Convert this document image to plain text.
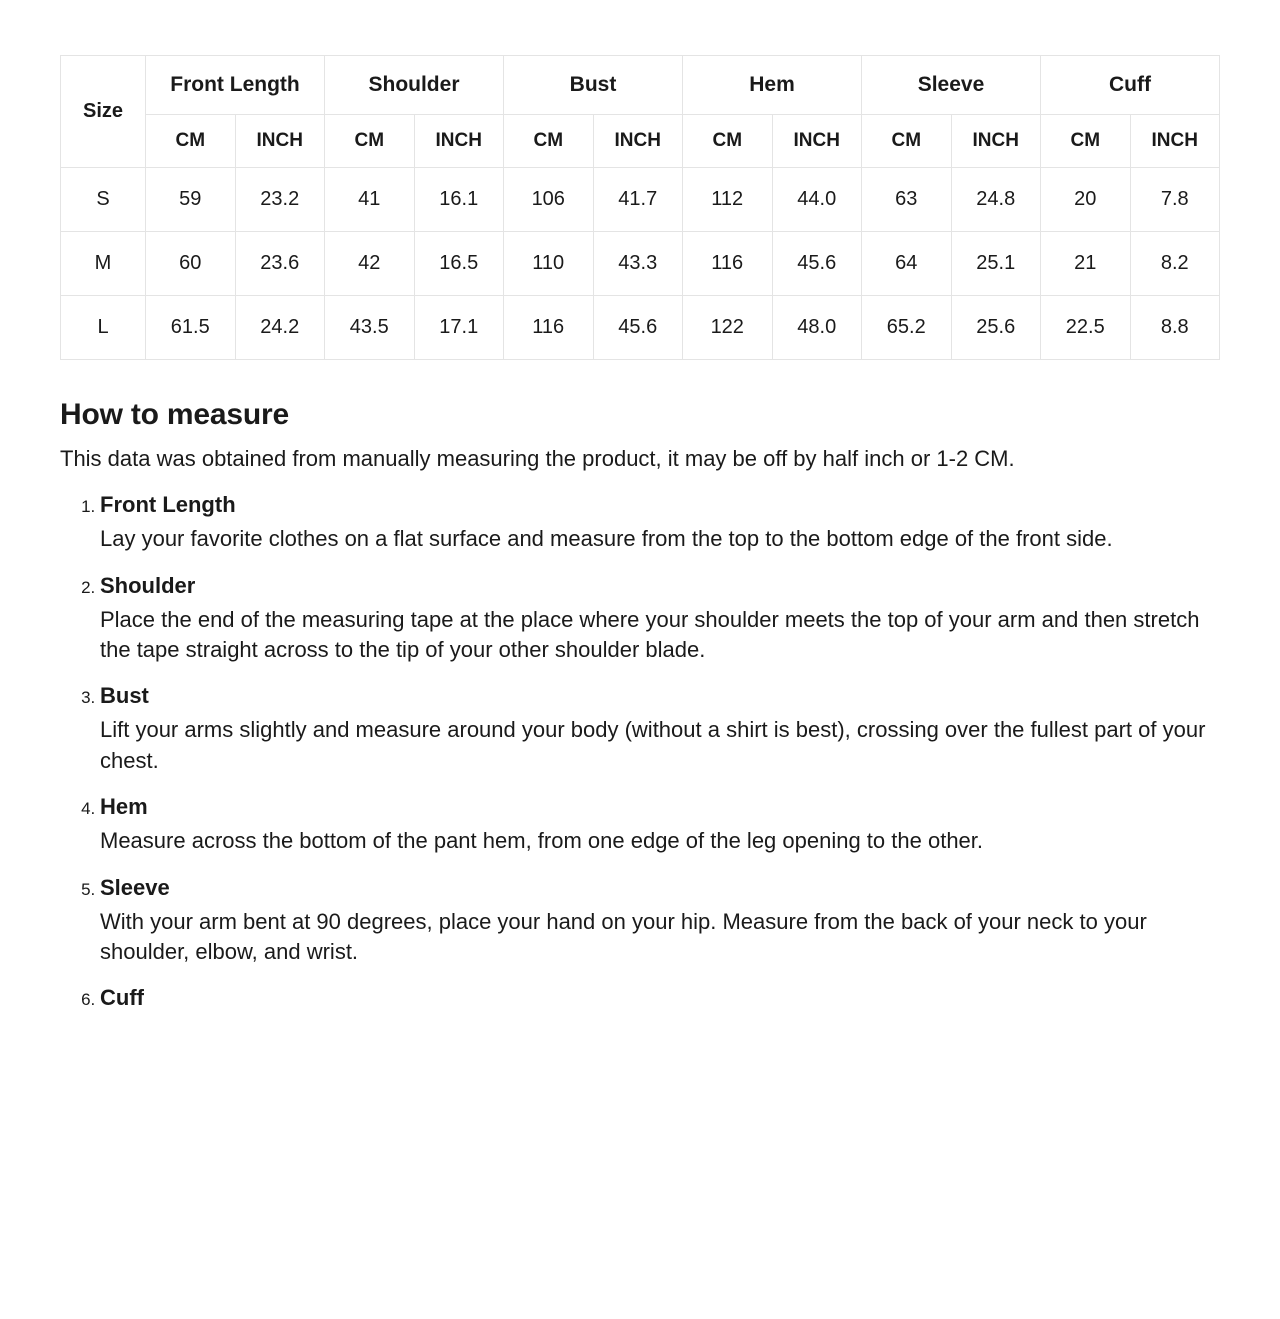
Size	Front Length		Shoulder		Bust		Hem		Sleeve		Cuff	
	CM	INCH	CM	INCH	CM	INCH	CM	INCH	CM	INCH	CM	INCH
S	59	23.2	41	16.1	106	41.7	112	44.0	63	24.8	20	7.8
M	60	23.6	42	16.5	110	43.3	116	45.6	64	25.1	21	8.2
L	61.5	24.2	43.5	17.1	116	45.6	122	48.0	65.2	25.6	22.5	8.8
How to measure

This data was obtained from manually measuring the product, it may be off by half inch or 1-2 CM.

1. Front Length
Lay your favorite clothes on a flat surface and measure from the top to the bottom edge of the front side.
2. Shoulder
Place the end of the measuring tape at the place where your shoulder meets the top of your arm and then stretch the tape straight across to the tip of your other shoulder blade.
3. Bust
Lift your arms slightly and measure around your body (without a shirt is best), crossing over the fullest part of your chest.
4. Hem
Measure across the bottom of the pant hem, from one edge of the leg opening to the other.
5. Sleeve
With your arm bent at 90 degrees, place your hand on your hip. Measure from the back of your neck to your shoulder, elbow, and wrist.
6. Cuff
